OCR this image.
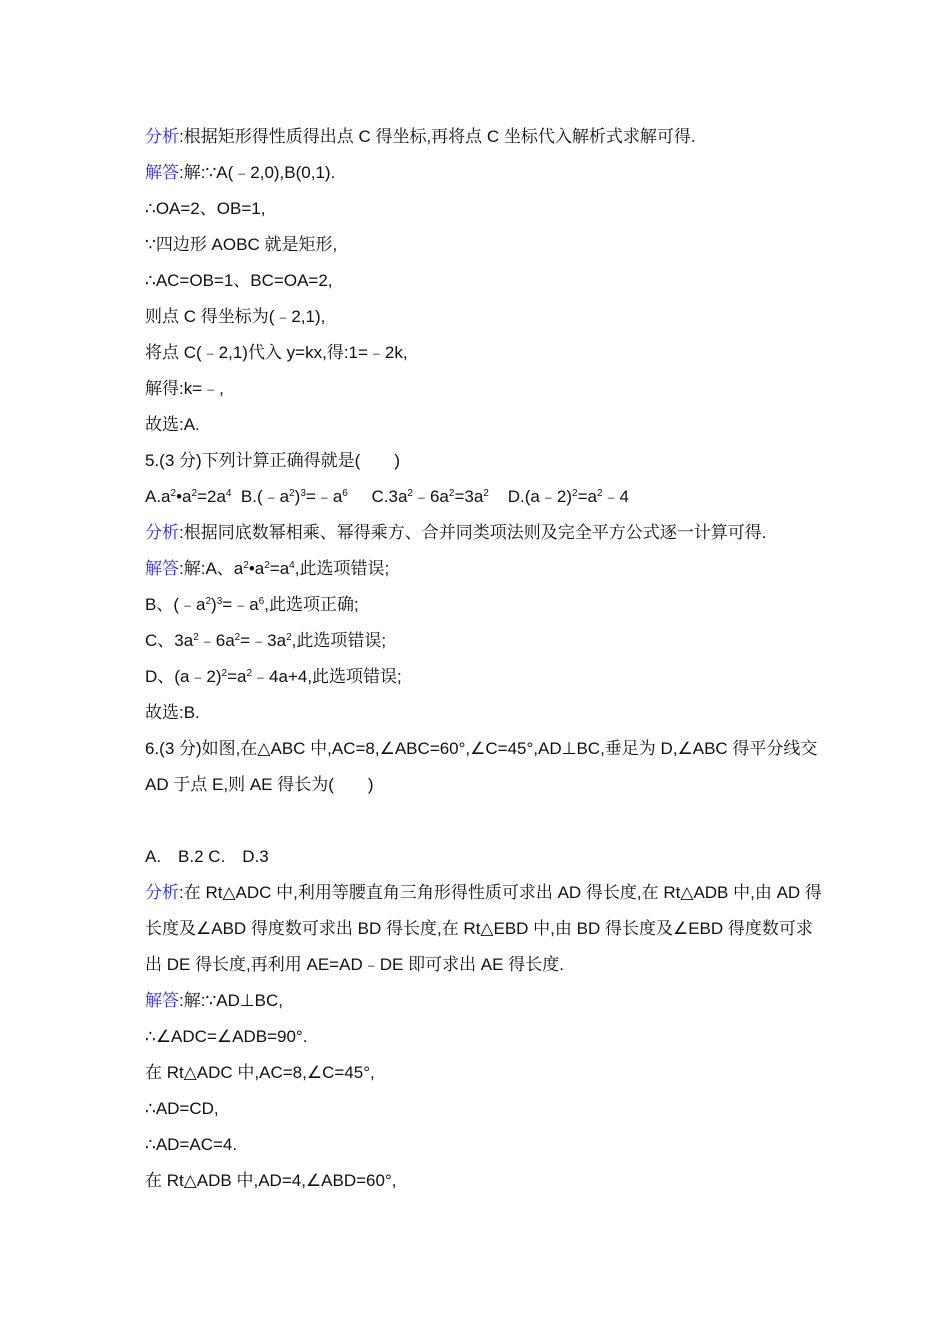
分析:根据矩形得性质得出点 C 得坐标,再将点 C 坐标代入解析式求解可得.
解答:解:∵A(﹣2,0),B(0,1).
∴OA=2、OB=1,
∵四边形 AOBC 就是矩形,
∴AC=OB=1、BC=OA=2,
则点 C 得坐标为(﹣2,1),
将点 C(﹣2,1)代入 y=kx,得:1=﹣2k,
解得:k=﹣,
故选:A.
5.(3 分)下列计算正确得就是(　　)
$A.a^2•a^2=2a^4$ $B.(﹣a^2)^3=﹣a^6$ $C.3a^2﹣6a^2=3a^2$ $D.(a﹣2)^2=a^2﹣4$
分析:根据同底数幂相乘、幂得乘方、合并同类项法则及完全平方公式逐一计算可得.
解答:解:A、$a^2•a^2=a^4$,此选项错误;
B、$(﹣a^2)^3=﹣a^6$,此选项正确;
C、$3a^2﹣6a^2=﹣3a^2$,此选项错误;
D、$(a﹣2)^2=a^2﹣4a+4$,此选项错误;
故选:B.
6.(3 分)如图,在△ABC 中,AC=8,∠ABC=60°,∠C=45°,AD⊥BC,垂足为 D,∠ABC 得平分线交 AD 于点 E,则 AE 得长为(　　)
A.　B.2 C.　D.3
分析:在 Rt△ADC 中,利用等腰直角三角形得性质可求出 AD 得长度,在 Rt△ADB 中,由 AD 得长度及∠ABD 得度数可求出 BD 得长度,在 Rt△EBD 中,由 BD 得长度及∠EBD 得度数可求出 DE 得长度,再利用 AE=AD﹣DE 即可求出 AE 得长度.
解答:解:∵AD⊥BC,
∴∠ADC=∠ADB=90°.
在 Rt△ADC 中,AC=8,∠C=45°,
∴AD=CD,
∴AD=AC=4.
在 Rt△ADB 中,AD=4,∠ABD=60°,
